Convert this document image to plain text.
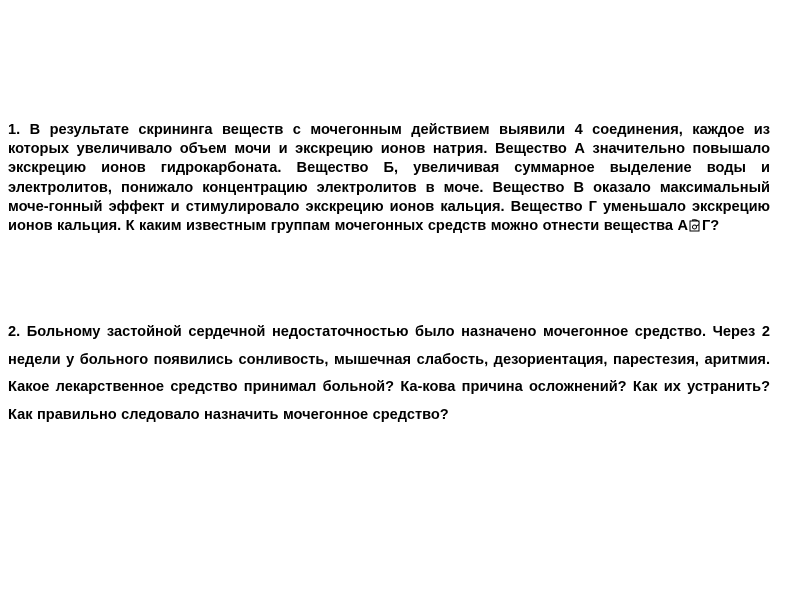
1. В результате скрининга веществ с мочегонным действием выявили 4 соединения, каждое из которых увеличивало объем мочи и экскрецию ионов натрия. Вещество А значительно повышало экскрецию ионов гидрокарбоната. Вещество Б, увеличивая суммарное выделение воды и электролитов, понижало концентрацию электролитов в моче. Вещество В оказало максимальный моче-гонный эффект и стимулировало экскрецию ионов кальция. Вещество Г уменьшало экскрецию ионов кальция. К каким известным группам мочегонных средств можно отнести вещества А Г?

2. Больному застойной сердечной недостаточностью было назначено мочегонное средство. Через 2 недели у больного появились сонливость, мышечная слабость, дезориентация, парестезия, аритмия. Какое лекарственное средство принимал больной? Ка-кова причина осложнений? Как их устранить? Как правильно следовало назначить мочегонное средство?
